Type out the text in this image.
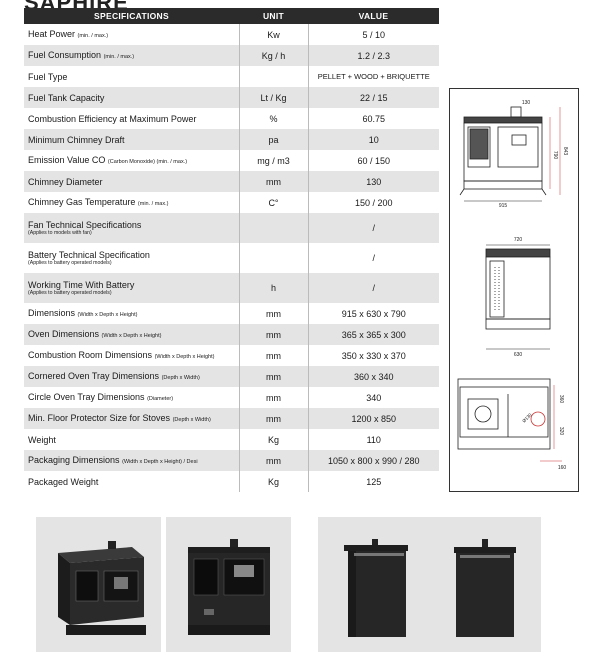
SPECIFICATIONS	UNIT	VALUE
Heat Power (min. / max.)	Kw	5 / 10
Fuel Consumption (min. / max.)	Kg / h	1.2 / 2.3
Fuel Type		PELLET + WOOD + BRIQUETTE
Fuel Tank Capacity	Lt / Kg	22 / 15
Combustion Efficiency at Maximum Power	%	60.75
Minimum Chimney Draft	pa	10
Emission Value CO (Carbon Monoxide) (min. / max.)	mg / m3	60 / 150
Chimney Diameter	mm	130
Chimney Gas Temperature (min. / max.)	C°	150 / 200
Fan Technical Specifications
(Applies to models with fan)		/
Battery Technical Specification
(Applies to battery operated models)		/
Working Time With Battery
(Applies to battery operated models)	h	/
Dimensions (Width x Depth x Height)	mm	915 x 630 x 790
Oven Dimensions (Width x Depth x Height)	mm	365 x 365 x 300
Combustion Room Dimensions (Width x Depth x Height)	mm	350 x 330 x 370
Cornered Oven Tray Dimensions (Depth x Width)	mm	360 x 340
Circle Oven Tray Dimensions (Diameter)	mm	340
Min. Floor Protector Size for Stoves (Depth x Width)	mm	1200 x 850
Weight	Kg	110
Packaging Dimensions (Width x Depth x Height) / Desi	mm	1050 x 800 x 990 / 280
Packaged Weight	Kg	125
130
915
790 843
720
630
360
320
160
Ø130
